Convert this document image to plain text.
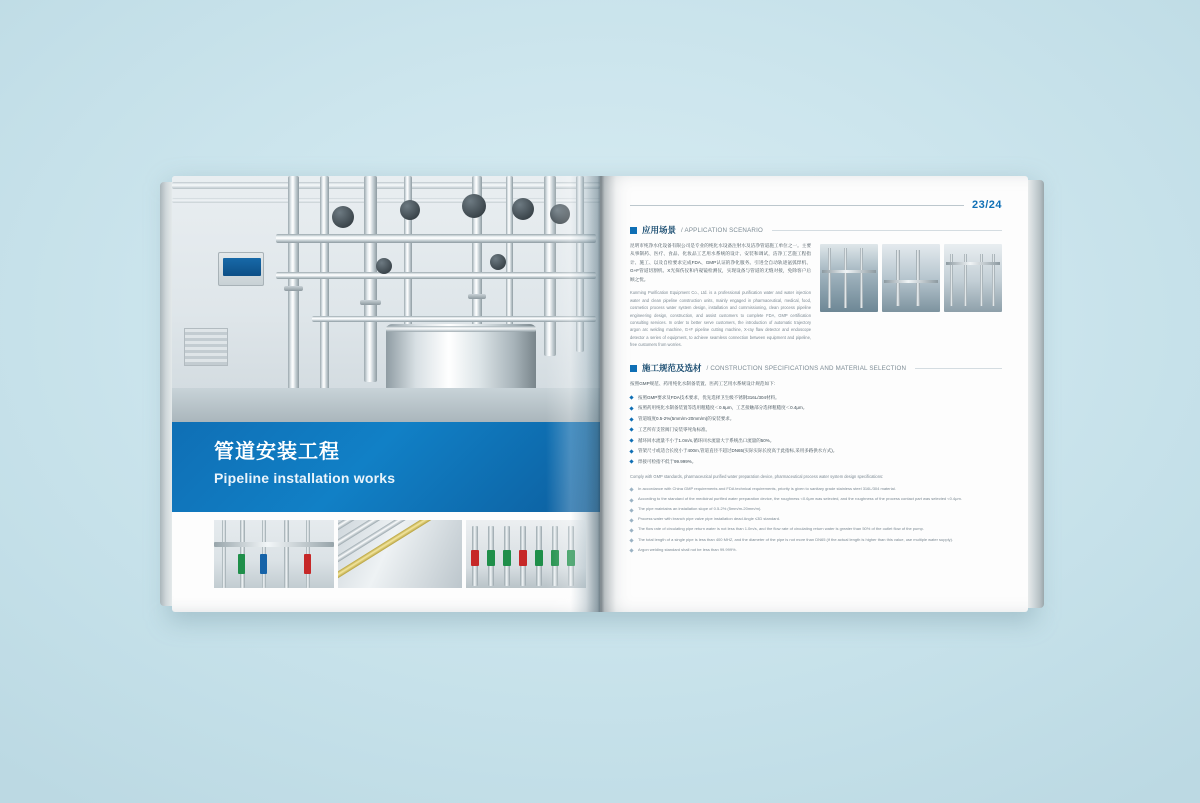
管道安装工程
Pipeline installation works
23/24
应用场景 / APPLICATION SCENARIO

昆明市纯净水化设备有限公司是专业的纯化水设备注射水及洁净管道施工单位之一。主要从事制药、医疗、食品、化妆品工艺用水系统的设计、安装和调试，洁净工艺施工程指计、施工、以及自检要求完成FDA、GMP认证的净化服务。引进全自动轨迹氩弧焊机、G+F管道切割机、X光探伤仪和内窥镜检测仪，实现设备与管道的无缝对接，免除客户后顾之忧。

Kunming Purification Equipment Co., Ltd. is a professional purification water and water injection water and clean pipeline construction units, mainly engaged in pharmaceutical, medical, food, cosmetics process water system design, installation and commissioning, clean process pipeline engineering design, construction, and assist customers to complete FDA, GMP certification consulting services. In order to better serve customers, the introduction of automatic trajectory argon arc welding machine, G+F pipeline cutting machine, X-ray flaw detector and endoscope detector a series of equipment, to achieve seamless connection between equipment and pipeline, free customers from worries.

施工规范及选材 / CONSTRUCTION SPECIFICATIONS AND MATERIAL SELECTION

按照GMP规范、药用纯化水制备装置、医药工艺用水系统设计规范如下：

按照GMP要求及FDA技术要求，优先选择卫生级不锈钢316L/304材料。
按照药用纯化水制备装置等选用粗糙度＜0.6μm，工艺接触部分选择粗糙度＜0.4μm。
管道坡度0.5-2%(5mm/m-20mm/m)的安装要求。
工艺所有支管阀门安装零死角标准。
循环回水流量不小于1.0m/s,循环回水流量大于系统出口流量的50%。
管架尺寸或适合长度小于400m,管道直径不超过DN65(实际实际长度高于此指标,采用多路供水方式)。
焊接可检指不低于99.999%。

Comply with GMP standards, pharmaceutical purified water preparation device, pharmaceutical process water system design specifications:

In accordance with China GMP requirements and FDA technical requirements, priority is given to sanitary grade stainless steel 316L/304 material.
According to the standard of the medicinal purified water preparation device, the roughness <0.6μm was selected, and the roughness of the process contact part was selected <0.4μm.
The pipe maintains an installation slope of 0.5-2% (5mm/m-20mm/m).
Process water with branch pipe valve pipe installation dead Angle ≤3D standard.
The flow rate of circulating pipe return water is not less than 1.0m/s, and the flow rate of circulating return water is greater than 50% of the outlet flow of the pump.
The total length of a single pipe is less than 400 MHZ, and the diameter of the pipe is not more than DN65 (if the actual length is higher than this value, use multiple water supply).
Argon welding standard shall not be less than 99.999%.
